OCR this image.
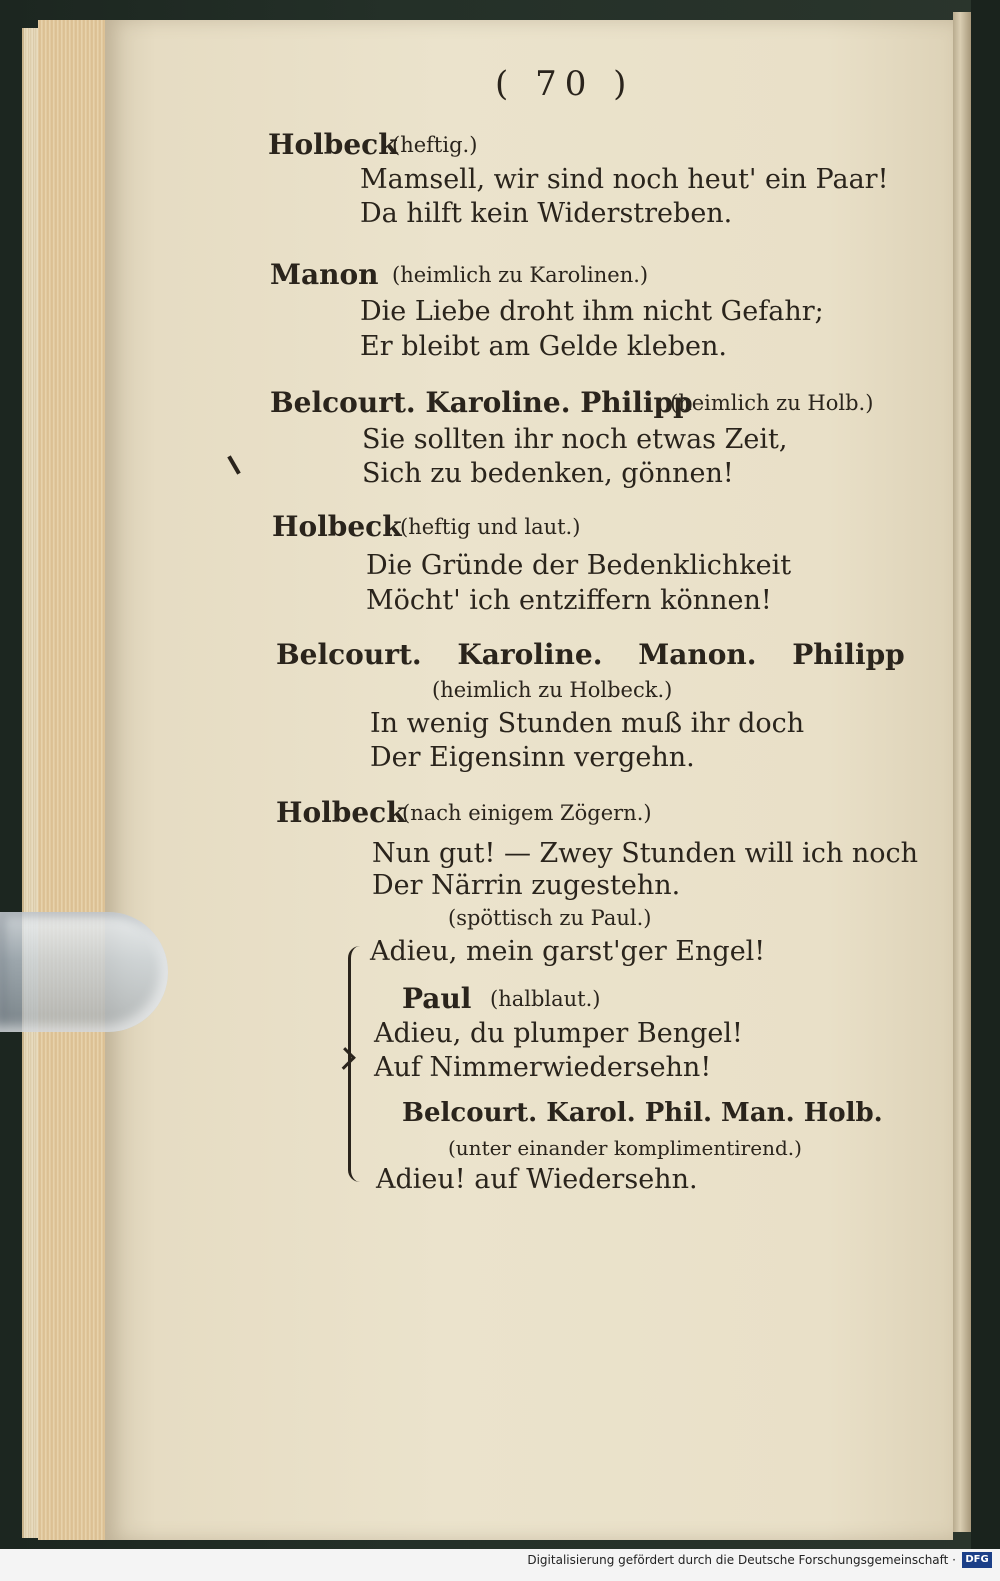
( 70 )
Holbeck
(heftig.)
Mamsell, wir sind noch heut' ein Paar!
Da hilft kein Widerstreben.
Manon (heimlich zu Karolinen.)
Die Liebe droht ihm nicht Gefahr;
Er bleibt am Gelde kleben.
Belcourt. Karoline. Philipp
(heimlich zu Holb.)
Sie sollten ihr noch etwas Zeit,
Sich zu bedenken, gönnen!
Holbeck
(heftig und laut.)
Die Gründe der Bedenklichkeit
Möcht' ich entziffern können!
Belcourt. Karoline. Manon. Philipp
(heimlich zu Holbeck.)
In wenig Stunden muß ihr doch
Der Eigensinn vergehn.
Holbeck
(nach einigem Zögern.)
Nun gut! — Zwey Stunden will ich noch
Der Närrin zugestehn.
(spöttisch zu Paul.)
Adieu, mein garst'ger Engel!
Paul (halblaut.)
Adieu, du plumper Bengel!
Auf Nimmerwiedersehn!
Belcourt. Karol. Phil. Man. Holb.
(unter einander komplimentirend.)
Adieu! auf Wiedersehn.
Digitalisierung gefördert durch die Deutsche Forschungsgemeinschaft · DFG
